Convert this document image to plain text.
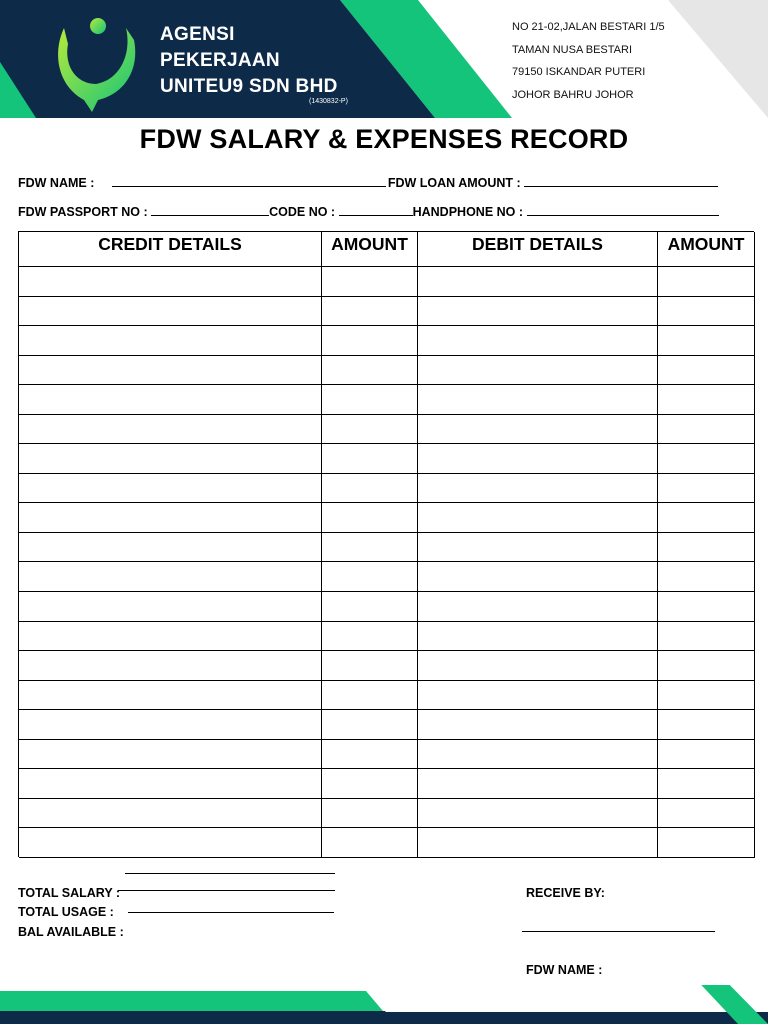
AGENSI
PEKERJAAN
UNITEU9 SDN BHD
(1430832-P)
NO 21-02,JALAN BESTARI 1/5
TAMAN NUSA BESTARI
79150 ISKANDAR PUTERI
JOHOR BAHRU JOHOR
FDW SALARY & EXPENSES RECORD
FDW NAME :	FDW LOAN AMOUNT :
FDW PASSPORT NO :	CODE NO :	HANDPHONE NO :
CREDIT DETAILS	AMOUNT	DEBIT DETAILS	AMOUNT
TOTAL SALARY :
TOTAL USAGE :
BAL AVAILABLE :
RECEIVE BY:
FDW NAME :
